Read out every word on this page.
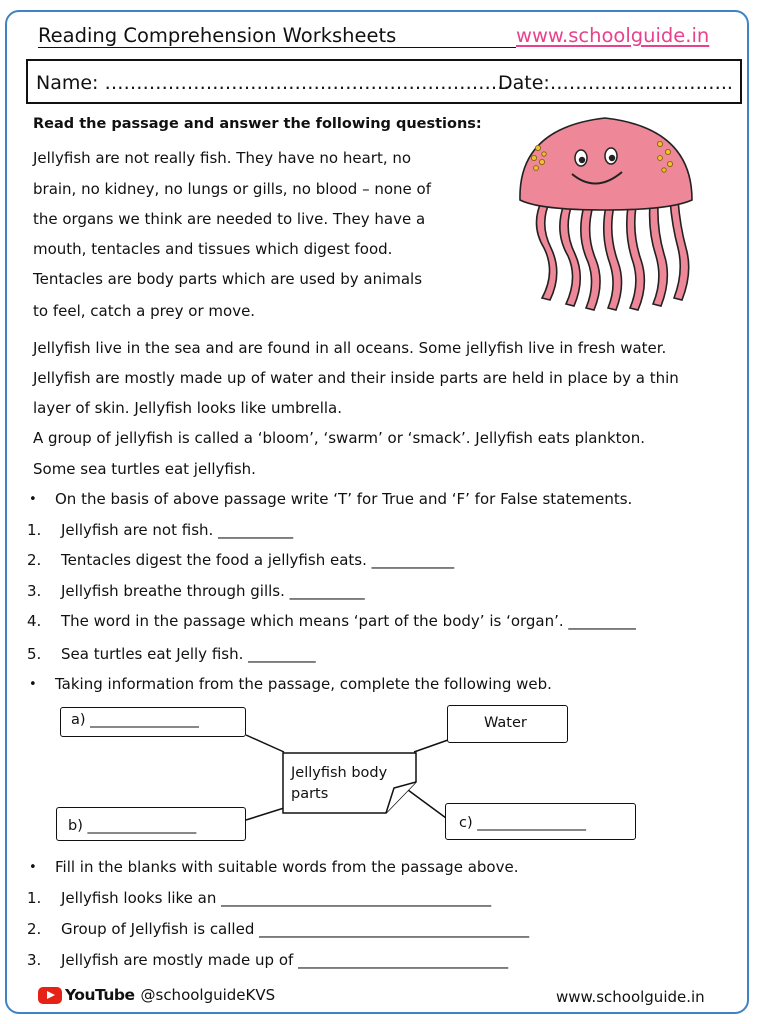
Reading Comprehension Worksheets	www.schoolguide.in
Name: ……………………………………………………….
Date:………………………..
Read the passage and answer the following questions:
Jellyfish are not really fish. They have no heart, no
brain, no kidney, no lungs or gills, no blood – none of
the organs we think are needed to live. They have a
mouth, tentacles and tissues which digest food.
Tentacles are body parts which are used by animals
to feel, catch a prey or move.
Jellyfish live in the sea and are found in all oceans. Some jellyfish live in fresh water.
Jellyfish are mostly made up of water and their inside parts are held in place by a thin
layer of skin. Jellyfish looks like umbrella.
A group of jellyfish is called a ‘bloom’, ‘swarm’ or ‘smack’. Jellyfish eats plankton.
Some sea turtles eat jellyfish.
• On the basis of above passage write ‘T’ for True and ‘F’ for False statements.
1. Jellyfish are not fish. __________
2. Tentacles digest the food a jellyfish eats. ___________
3. Jellyfish breathe through gills. __________
4. The word in the passage which means ‘part of the body’ is ‘organ’. _________
5. Sea turtles eat Jelly fish. _________
• Taking information from the passage, complete the following web.
a) _______________	Water
Jellyfish body
parts
b) _______________	c) _______________
• Fill in the blanks with suitable words from the passage above.
1. Jellyfish looks like an ____________________________________
2. Group of Jellyfish is called ____________________________________
3. Jellyfish are mostly made up of ____________________________
YouTube @schoolguideKVS	www.schoolguide.in
